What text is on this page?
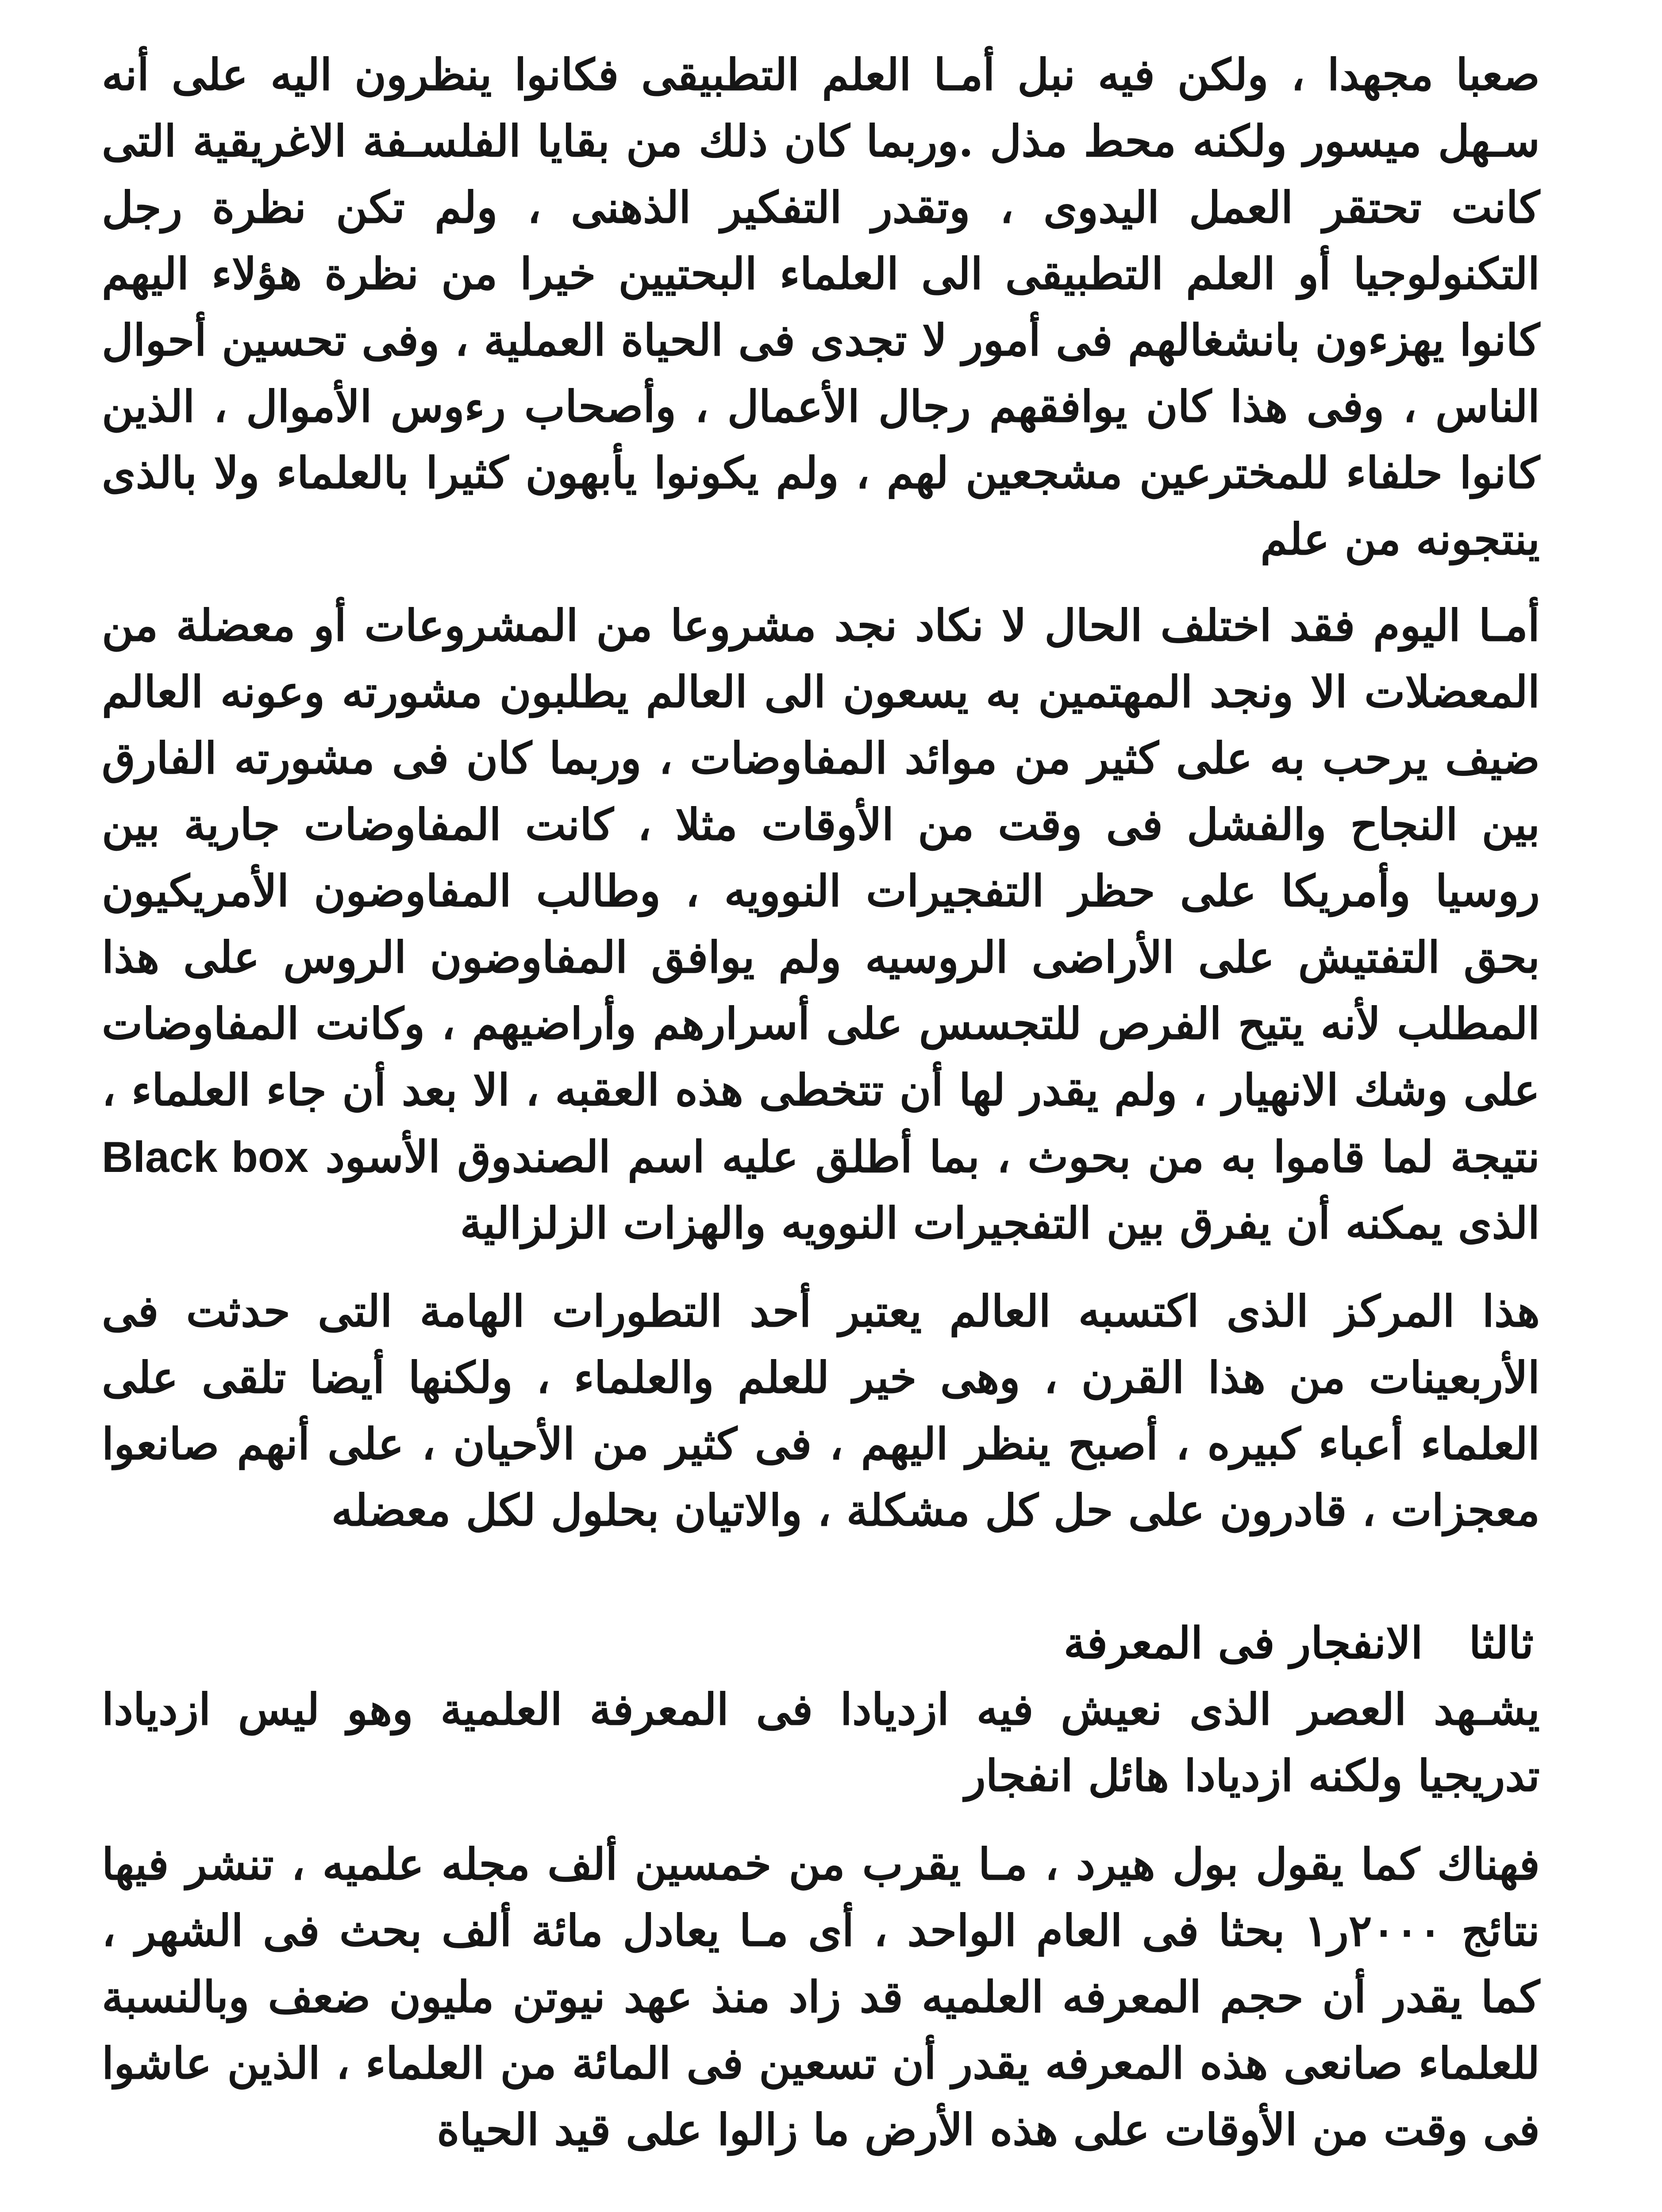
صعبا مجهدا ، ولكن فيه نبل أمـا العلم التطبيقى فكانوا ينظرون اليه على أنه سـهل ميسور ولكنه محط مذل .وربما كان ذلك من بقايا الفلسـفة الاغريقية التى كانت تحتقر العمل اليدوى ، وتقدر التفكير الذهنى ، ولم تكن نظرة رجل التكنولوجيا أو العلم التطبيقى الى العلماء البحتيين خيرا من نظرة هؤلاء اليهم كانوا يهزءون بانشغالهم فى أمور لا تجدى فى الحياة العملية ، وفى تحسين أحوال الناس ، وفى هذا كان يوافقهم رجال الأعمال ، وأصحاب رءوس الأموال ، الذين كانوا حلفاء للمخترعين مشجعين لهم ، ولم يكونوا يأبهون كثيرا بالعلماء ولا بالذى ينتجونه من علم

أمـا اليوم فقد اختلف الحال لا نكاد نجد مشروعا من المشروعات أو معضلة من المعضلات الا ونجد المهتمين به يسعون الى العالم يطلبون مشورته وعونه العالم ضيف يرحب به على كثير من موائد المفاوضات ، وربما كان فى مشورته الفارق بين النجاح والفشل فى وقت من الأوقات مثلا ، كانت المفاوضات جارية بين روسيا وأمريكا على حظر التفجيرات النوويه ، وطالب المفاوضون الأمريكيون بحق التفتيش على الأراضى الروسيه ولم يوافق المفاوضون الروس على هذا المطلب لأنه يتيح الفرص للتجسس على أسرارهم وأراضيهم ، وكانت المفاوضات على وشك الانهيار ، ولم يقدر لها أن تتخطى هذه العقبه ، الا بعد أن جاء العلماء ، نتيجة لما قاموا به من بحوث ، بما أطلق عليه اسم الصندوق الأسود Black box الذى يمكنه أن يفرق بين التفجيرات النوويه والهزات الزلزالية

هذا المركز الذى اكتسبه العالم يعتبر أحد التطورات الهامة التى حدثت فى الأربعينات من هذا القرن ، وهى خير للعلم والعلماء ، ولكنها أيضا تلقى على العلماء أعباء كبيره ، أصبح ينظر اليهم ، فى كثير من الأحيان ، على أنهم صانعوا معجزات ، قادرون على حل كل مشكلة ، والاتيان بحلول لكل معضله

ثالثا الانفجار فى المعرفة

يشـهد العصر الذى نعيش فيه ازديادا فى المعرفة العلمية وهو ليس ازديادا تدريجيا ولكنه ازديادا هائل انفجار

فهناك كما يقول بول هيرد ، مـا يقرب من خمسين ألف مجله علميه ، تنشر فيها نتائج ٢٠٠٠ر١ بحثا فى العام الواحد ، أى مـا يعادل مائة ألف بحث فى الشهر ، كما يقدر أن حجم المعرفه العلميه قد زاد منذ عهد نيوتن مليون ضعف وبالنسبة للعلماء صانعى هذه المعرفه يقدر أن تسعين فى المائة من العلماء ، الذين عاشوا فى وقت من الأوقات على هذه الأرض ما زالوا على قيد الحياة
